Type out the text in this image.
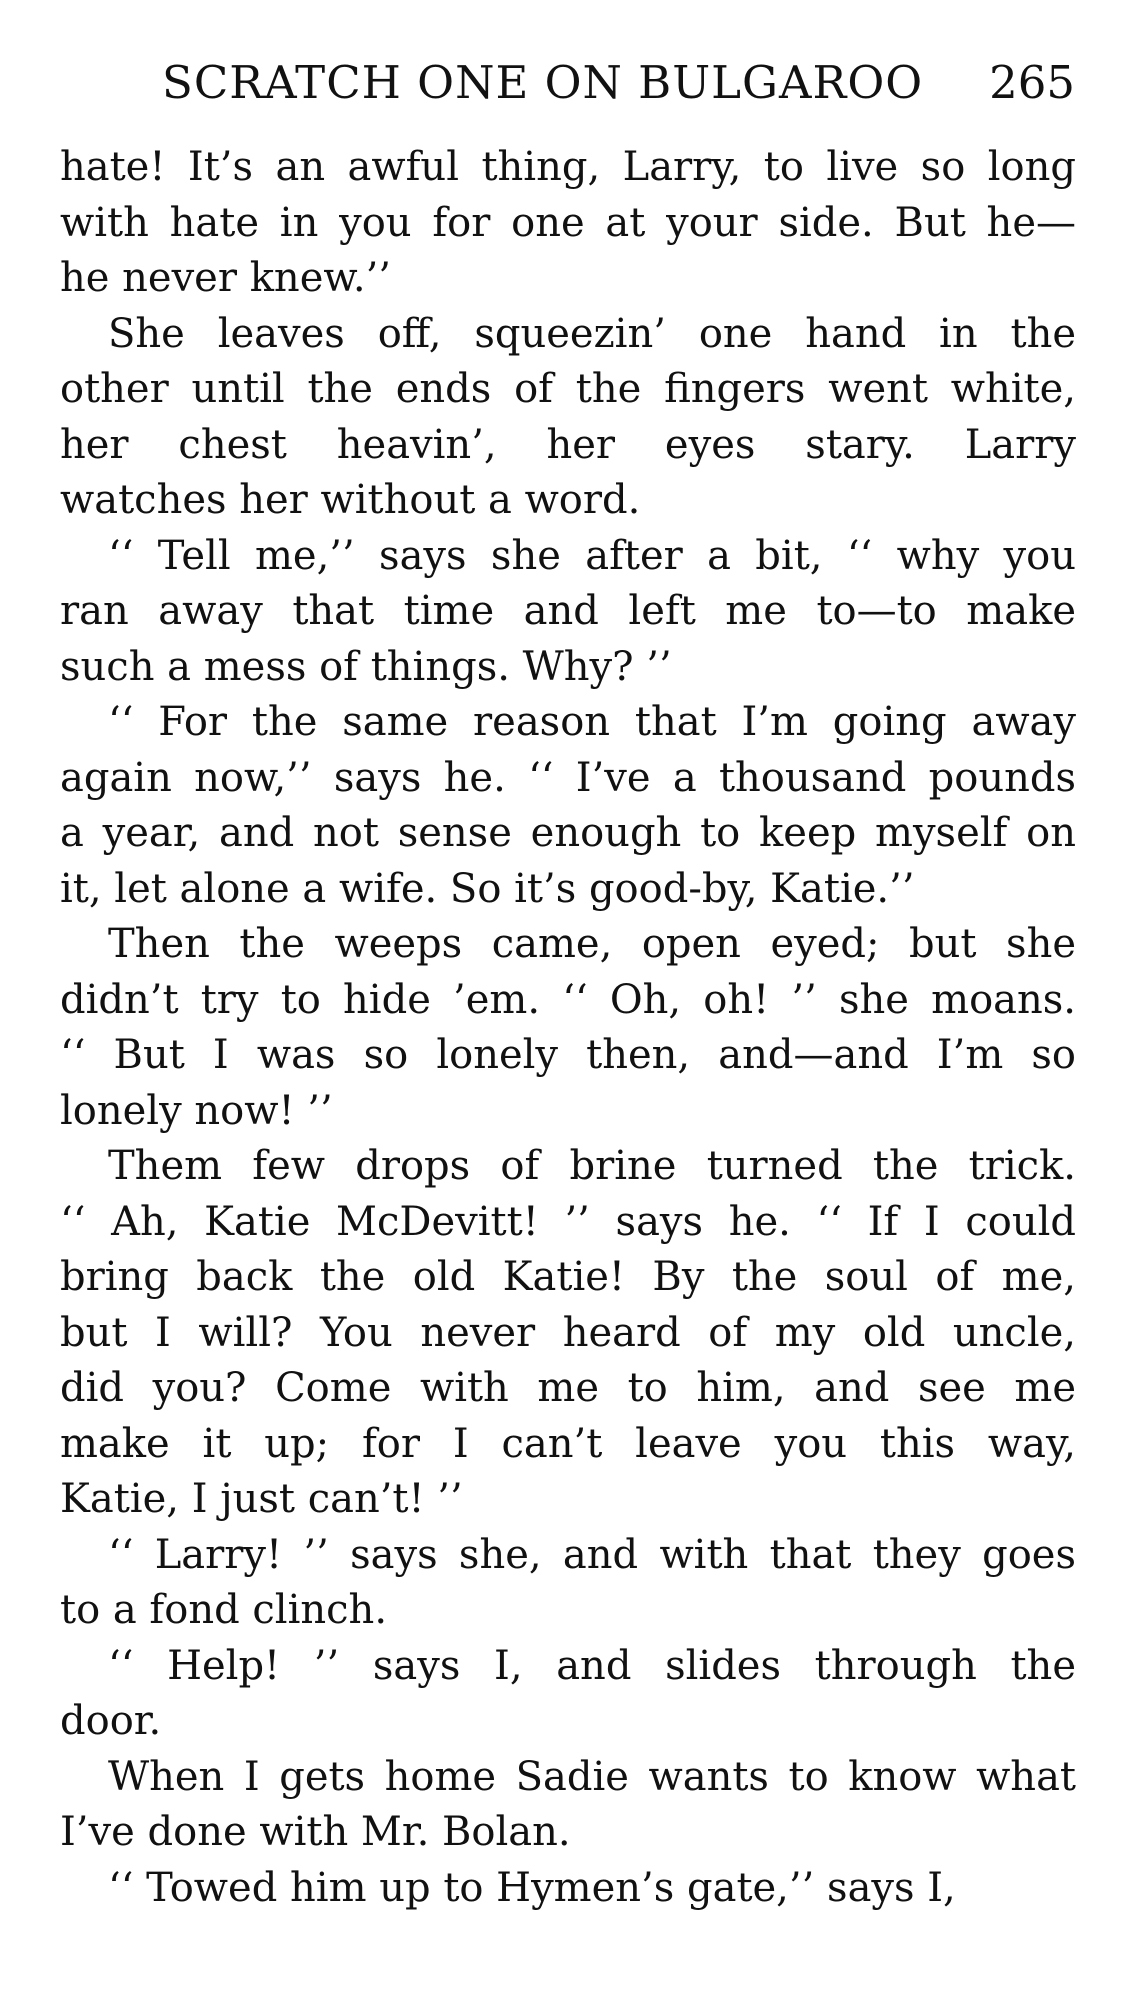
SCRATCH ONE ON BULGAROO 265
hate! It’s an awful thing, Larry, to live so long
with hate in you for one at your side. But he—
he never knew.’’
She leaves off, squeezin’ one hand in the
other until the ends of the fingers went white,
her chest heavin’, her eyes stary. Larry
watches her without a word.
‘‘ Tell me,’’ says she after a bit, ‘‘ why you
ran away that time and left me to—to make
such a mess of things. Why? ’’
‘‘ For the same reason that I’m going away
again now,’’ says he. ‘‘ I’ve a thousand pounds
a year, and not sense enough to keep myself on
it, let alone a wife. So it’s good-by, Katie.’’
Then the weeps came, open eyed; but she
didn’t try to hide ’em. ‘‘ Oh, oh! ’’ she moans.
‘‘ But I was so lonely then, and—and I’m so
lonely now! ’’
Them few drops of brine turned the trick.
‘‘ Ah, Katie McDevitt! ’’ says he. ‘‘ If I could
bring back the old Katie! By the soul of me,
but I will? You never heard of my old uncle,
did you? Come with me to him, and see me
make it up; for I can’t leave you this way,
Katie, I just can’t! ’’
‘‘ Larry! ’’ says she, and with that they goes
to a fond clinch.
‘‘ Help! ’’ says I, and slides through the
door.
When I gets home Sadie wants to know what
I’ve done with Mr. Bolan.
‘‘ Towed him up to Hymen’s gate,’’ says I,
